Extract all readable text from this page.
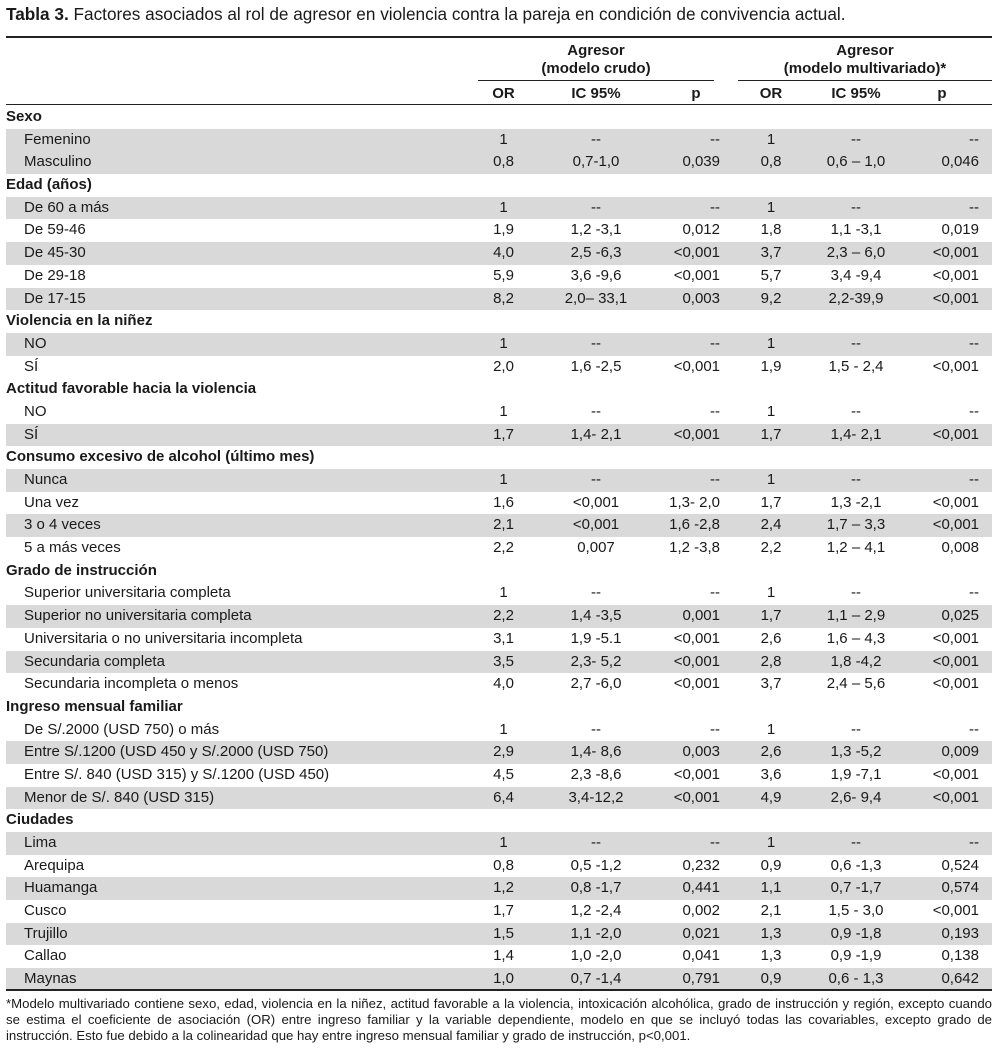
Tabla 3. Factores asociados al rol de agresor en violencia contra la pareja en condición de convivencia actual.
Agresor
(modelo crudo)
Agresor
(modelo multivariado)*
OR	IC 95%	p	OR	IC 95%	p
Sexo
Femenino	1	--	--	1	--	--
Masculino	0,8	0,7-1,0	0,039	0,8	0,6 – 1,0	0,046
Edad (años)
De 60 a más	1	--	--	1	--	--
De 59-46	1,9	1,2 -3,1	0,012	1,8	1,1 -3,1	0,019
De 45-30	4,0	2,5 -6,3	<0,001	3,7	2,3 – 6,0	<0,001
De 29-18	5,9	3,6 -9,6	<0,001	5,7	3,4 -9,4	<0,001
De 17-15	8,2	2,0– 33,1	0,003	9,2	2,2-39,9	<0,001
Violencia en la niñez
NO	1	--	--	1	--	--
SÍ	2,0	1,6 -2,5	<0,001	1,9	1,5 - 2,4	<0,001
Actitud favorable hacia la violencia
NO	1	--	--	1	--	--
SÍ	1,7	1,4- 2,1	<0,001	1,7	1,4- 2,1	<0,001
Consumo excesivo de alcohol (último mes)
Nunca	1	--	--	1	--	--
Una vez	1,6	<0,001	1,3- 2,0	1,7	1,3 -2,1	<0,001
3 o 4 veces	2,1	<0,001	1,6 -2,8	2,4	1,7 – 3,3	<0,001
5 a más veces	2,2	0,007	1,2 -3,8	2,2	1,2 – 4,1	0,008
Grado de instrucción
Superior universitaria completa	1	--	--	1	--	--
Superior no universitaria completa	2,2	1,4 -3,5	0,001	1,7	1,1 – 2,9	0,025
Universitaria o no universitaria incompleta	3,1	1,9 -5.1	<0,001	2,6	1,6 – 4,3	<0,001
Secundaria completa	3,5	2,3- 5,2	<0,001	2,8	1,8 -4,2	<0,001
Secundaria incompleta o menos	4,0	2,7 -6,0	<0,001	3,7	2,4 – 5,6	<0,001
Ingreso mensual familiar
De S/.2000 (USD 750) o más	1	--	--	1	--	--
Entre S/.1200 (USD 450 y S/.2000 (USD 750)	2,9	1,4- 8,6	0,003	2,6	1,3 -5,2	0,009
Entre S/. 840 (USD 315) y S/.1200 (USD 450)	4,5	2,3 -8,6	<0,001	3,6	1,9 -7,1	<0,001
Menor de S/. 840 (USD 315)	6,4	3,4-12,2	<0,001	4,9	2,6- 9,4	<0,001
Ciudades
Lima	1	--	--	1	--	--
Arequipa	0,8	0,5 -1,2	0,232	0,9	0,6 -1,3	0,524
Huamanga	1,2	0,8 -1,7	0,441	1,1	0,7 -1,7	0,574
Cusco	1,7	1,2 -2,4	0,002	2,1	1,5 - 3,0	<0,001
Trujillo	1,5	1,1 -2,0	0,021	1,3	0,9 -1,8	0,193
Callao	1,4	1,0 -2,0	0,041	1,3	0,9 -1,9	0,138
Maynas	1,0	0,7 -1,4	0,791	0,9	0,6 - 1,3	0,642
*Modelo multivariado contiene sexo, edad, violencia en la niñez, actitud favorable a la violencia, intoxicación alcohólica, grado de instrucción y región, excepto cuando se estima el coeficiente de asociación (OR) entre ingreso familiar y la variable dependiente, modelo en que se incluyó todas las covariables, excepto grado de instrucción. Esto fue debido a la colinearidad que hay entre ingreso mensual familiar y grado de instrucción, p<0,001.
